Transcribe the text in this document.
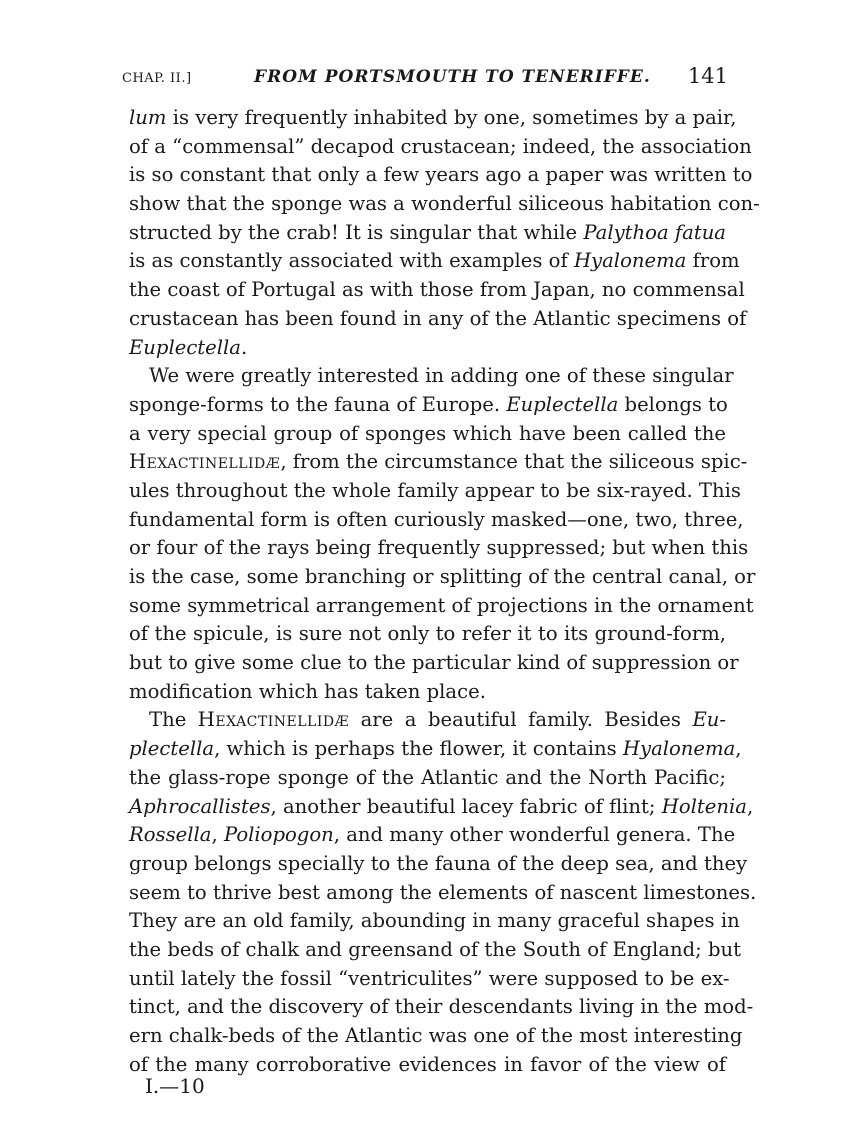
CHAP. II.]	FROM PORTSMOUTH TO TENERIFFE. 141
lum is very frequently inhabited by one, sometimes by a pair,
of a “commensal” decapod crustacean; indeed, the association
is so constant that only a few years ago a paper was written to
show that the sponge was a wonderful siliceous habitation con-
structed by the crab! It is singular that while Palythoa fatua
is as constantly associated with examples of Hyalonema from
the coast of Portugal as with those from Japan, no commensal
crustacean has been found in any of the Atlantic specimens of
Euplectella.
We were greatly interested in adding one of these singular
sponge-forms to the fauna of Europe. Euplectella belongs to
a very special group of sponges which have been called the
Hexactinellidæ, from the circumstance that the siliceous spic-
ules throughout the whole family appear to be six-rayed. This
fundamental form is often curiously masked—one, two, three,
or four of the rays being frequently suppressed; but when this
is the case, some branching or splitting of the central canal, or
some symmetrical arrangement of projections in the ornament
of the spicule, is sure not only to refer it to its ground-form,
but to give some clue to the particular kind of suppression or
modification which has taken place.
The Hexactinellidæ are a beautiful family. Besides Eu-
plectella, which is perhaps the flower, it contains Hyalonema,
the glass-rope sponge of the Atlantic and the North Pacific;
Aphrocallistes, another beautiful lacey fabric of flint; Holtenia,
Rossella, Poliopogon, and many other wonderful genera. The
group belongs specially to the fauna of the deep sea, and they
seem to thrive best among the elements of nascent limestones.
They are an old family, abounding in many graceful shapes in
the beds of chalk and greensand of the South of England; but
until lately the fossil “ventriculites” were supposed to be ex-
tinct, and the discovery of their descendants living in the mod-
ern chalk-beds of the Atlantic was one of the most interesting
of the many corroborative evidences in favor of the view of
I.—10
